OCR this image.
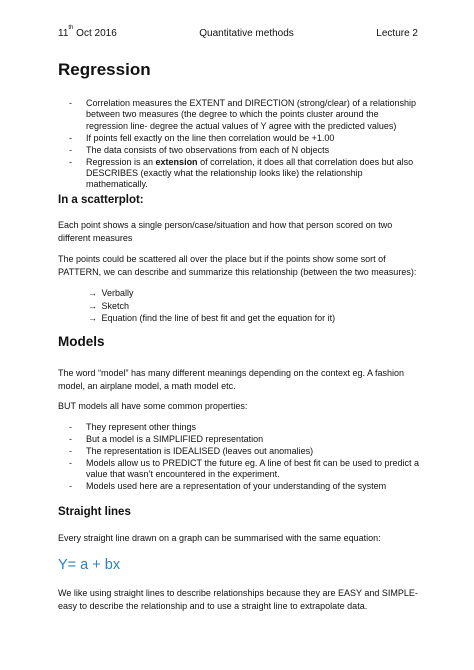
11th Oct 2016	Quantitative methods	Lecture 2
Regression
- Correlation measures the EXTENT and DIRECTION (strong/clear) of a relationship between two measures (the degree to which the points cluster around the regression line- degree the actual values of Y agree with the predicted values)
- If points fell exactly on the line then correlation would be +1.00
- The data consists of two observations from each of N objects
- Regression is an extension of correlation, it does all that correlation does but also DESCRIBES (exactly what the relationship looks like) the relationship mathematically.
In a scatterplot:
Each point shows a single person/case/situation and how that person scored on two different measures
The points could be scattered all over the place but if the points show some sort of PATTERN, we can describe and summarize this relationship (between the two measures):
→ Verbally
→ Sketch
→ Equation (find the line of best fit and get the equation for it)
Models
The word “model” has many different meanings depending on the context eg. A fashion model, an airplane model, a math model etc.
BUT models all have some common properties:
- They represent other things
- But a model is a SIMPLIFIED representation
- The representation is IDEALISED (leaves out anomalies)
- Models allow us to PREDICT the future eg. A line of best fit can be used to predict a value that wasn’t encountered in the experiment.
- Models used here are a representation of your understanding of the system
Straight lines
Every straight line drawn on a graph can be summarised with the same equation:
Y= a + bx
We like using straight lines to describe relationships because they are EASY and SIMPLE- easy to describe the relationship and to use a straight line to extrapolate data.
